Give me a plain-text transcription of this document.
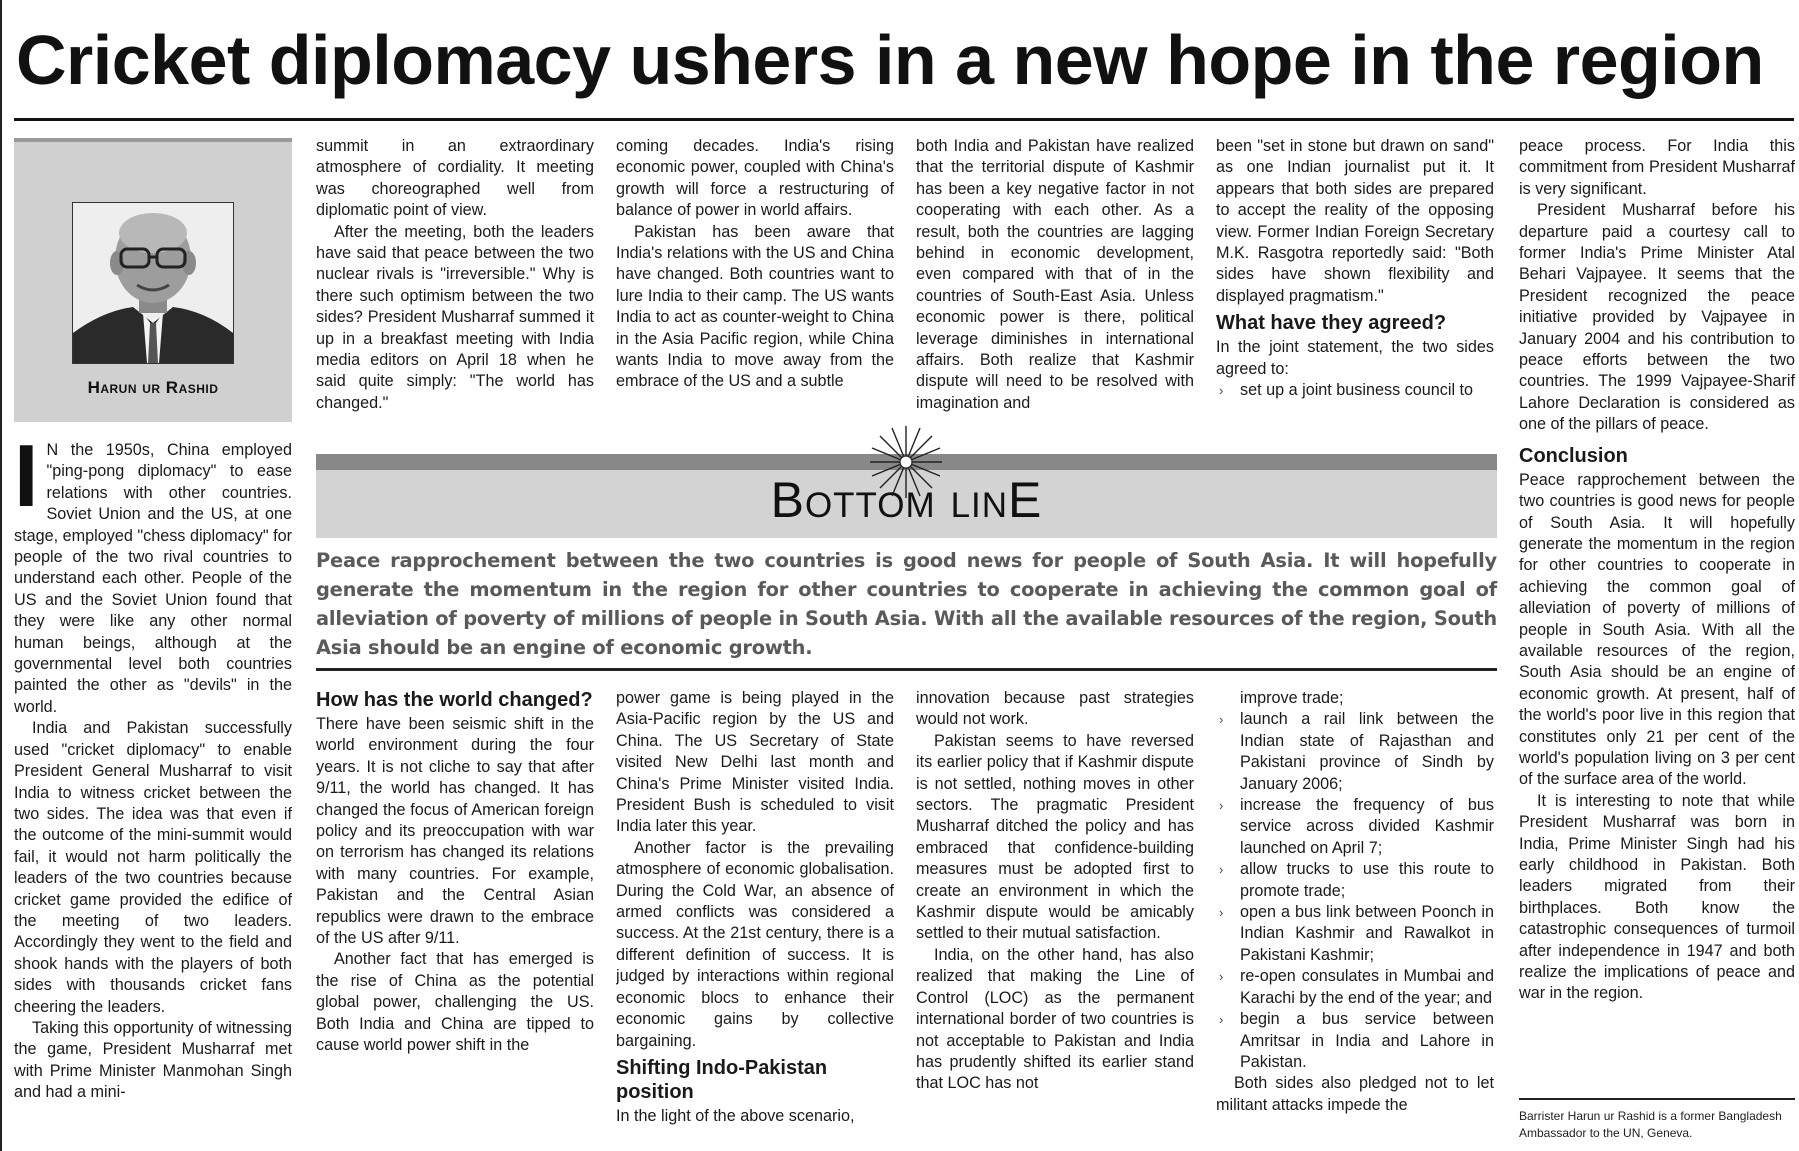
Cricket diplomacy ushers in a new hope in the region
Harun ur Rashid

I N the 1950s, China employed "ping-pong diplomacy" to ease relations with other countries. Soviet Union and the US, at one stage, employed "chess diplomacy" for people of the two rival countries to understand each other. People of the US and the Soviet Union found that they were like any other normal human beings, although at the governmental level both countries painted the other as "devils" in the world.

India and Pakistan successfully used "cricket diplomacy" to enable President General Musharraf to visit India to witness cricket between the two sides. The idea was that even if the outcome of the mini-summit would fail, it would not harm politically the leaders of the two countries because cricket game provided the edifice of the meeting of two leaders. Accordingly they went to the field and shook hands with the players of both sides with thousands cricket fans cheering the leaders.

Taking this opportunity of witnessing the game, President Musharraf met with Prime Minister Manmohan Singh and had a mini-

summit in an extraordinary atmosphere of cordiality. It meeting was choreographed well from diplomatic point of view.

After the meeting, both the leaders have said that peace between the two nuclear rivals is "irreversible." Why is there such optimism between the two sides? President Musharraf summed it up in a breakfast meeting with India media editors on April 18 when he said quite simply: "The world has changed."

coming decades. India's rising economic power, coupled with China's growth will force a restructuring of balance of power in world affairs.

Pakistan has been aware that India's relations with the US and China have changed. Both countries want to lure India to their camp. The US wants India to act as counter-weight to China in the Asia Pacific region, while China wants India to move away from the embrace of the US and a subtle

both India and Pakistan have realized that the territorial dispute of Kashmir has been a key negative factor in not cooperating with each other. As a result, both the countries are lagging behind in economic development, even compared with that of in the countries of South-East Asia. Unless economic power is there, political leverage diminishes in international affairs. Both realize that Kashmir dispute will need to be resolved with imagination and

been "set in stone but drawn on sand" as one Indian journalist put it. It appears that both sides are prepared to accept the reality of the opposing view. Former Indian Foreign Secretary M.K. Rasgotra reportedly said: "Both sides have shown flexibility and displayed pragmatism."

What have they agreed?

In the joint statement, the two sides agreed to:

› set up a joint business council to

peace process. For India this commitment from President Musharraf is very significant.

President Musharraf before his departure paid a courtesy call to former India's Prime Minister Atal Behari Vajpayee. It seems that the President recognized the peace initiative provided by Vajpayee in January 2004 and his contribution to peace efforts between the two countries. The 1999 Vajpayee-Sharif Lahore Declaration is considered as one of the pillars of peace.

Conclusion

Peace rapprochement between the two countries is good news for people of South Asia. It will hopefully generate the momentum in the region for other countries to cooperate in achieving the common goal of alleviation of poverty of millions of people in South Asia. With all the available resources of the region, South Asia should be an engine of economic growth. At present, half of the world's poor live in this region that constitutes only 21 per cent of the world's population living on 3 per cent of the surface area of the world.

It is interesting to note that while President Musharraf was born in India, Prime Minister Singh had his early childhood in Pakistan. Both leaders migrated from their birthplaces. Both know the catastrophic consequences of turmoil after independence in 1947 and both realize the implications of peace and war in the region.

Bottom linE

Peace rapprochement between the two countries is good news for people of South Asia. It will hopefully generate the momentum in the region for other countries to cooperate in achieving the common goal of alleviation of poverty of millions of people in South Asia. With all the available resources of the region, South Asia should be an engine of economic growth.

How has the world changed?

There have been seismic shift in the world environment during the four years. It is not cliche to say that after 9/11, the world has changed. It has changed the focus of American foreign policy and its preoccupation with war on terrorism has changed its relations with many countries. For example, Pakistan and the Central Asian republics were drawn to the embrace of the US after 9/11.

Another fact that has emerged is the rise of China as the potential global power, challenging the US. Both India and China are tipped to cause world power shift in the

power game is being played in the Asia-Pacific region by the US and China. The US Secretary of State visited New Delhi last month and China's Prime Minister visited India. President Bush is scheduled to visit India later this year.

Another factor is the prevailing atmosphere of economic globalisation. During the Cold War, an absence of armed conflicts was considered a success. At the 21st century, there is a different definition of success. It is judged by interactions within regional economic blocs to enhance their economic gains by collective bargaining.

Shifting Indo-Pakistan position

In the light of the above scenario,

innovation because past strategies would not work.

Pakistan seems to have reversed its earlier policy that if Kashmir dispute is not settled, nothing moves in other sectors. The pragmatic President Musharraf ditched the policy and has embraced that confidence-building measures must be adopted first to create an environment in which the Kashmir dispute would be amicably settled to their mutual satisfaction.

India, on the other hand, has also realized that making the Line of Control (LOC) as the permanent international border of two countries is not acceptable to Pakistan and India has prudently shifted its earlier stand that LOC has not

improve trade;

› launch a rail link between the Indian state of Rajasthan and Pakistani province of Sindh by January 2006;
› increase the frequency of bus service across divided Kashmir launched on April 7;
› allow trucks to use this route to promote trade;
› open a bus link between Poonch in Indian Kashmir and Rawalkot in Pakistani Kashmir;
› re-open consulates in Mumbai and Karachi by the end of the year; and
› begin a bus service between Amritsar in India and Lahore in Pakistan.

Both sides also pledged not to let militant attacks impede the

Barrister Harun ur Rashid is a former Bangladesh Ambassador to the UN, Geneva.
